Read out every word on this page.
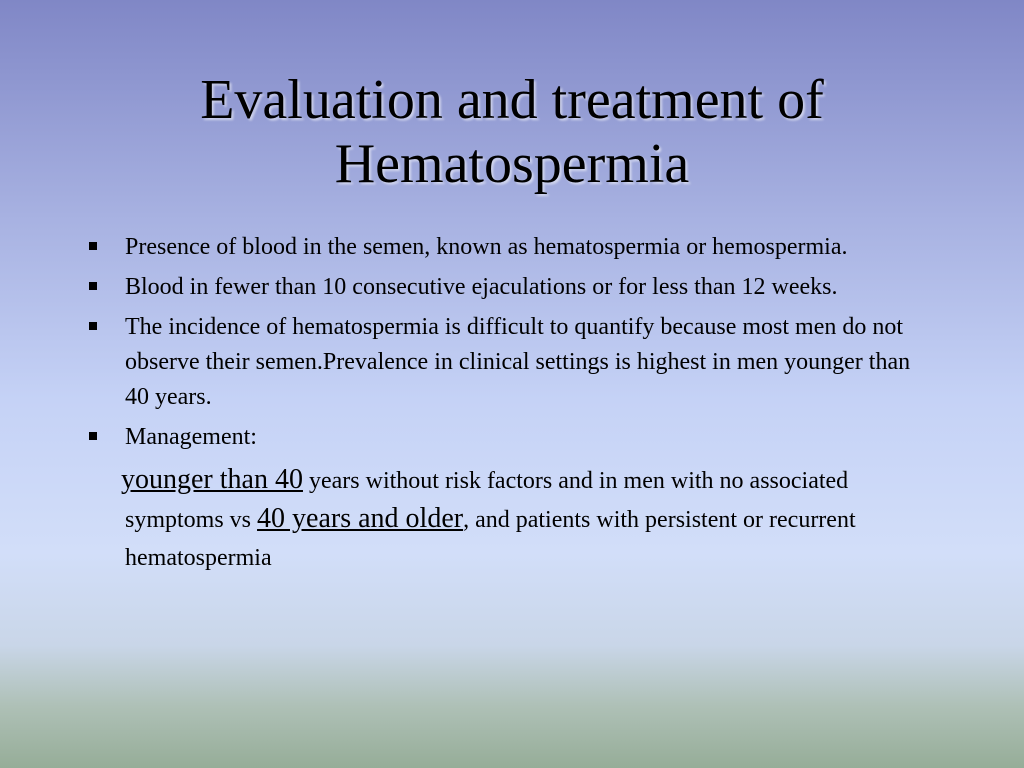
Evaluation and treatment of Hematospermia
Presence of blood in the semen, known as hematospermia or hemospermia.
Blood in fewer than 10 consecutive ejaculations or for less than 12 weeks.
The incidence of hematospermia is difficult to quantify because most men do not observe their semen.Prevalence in clinical settings is highest in men younger than 40 years.
Management:
younger than 40 years without risk factors and in men with no associated symptoms vs 40 years and older, and patients with persistent or recurrent hematospermia
